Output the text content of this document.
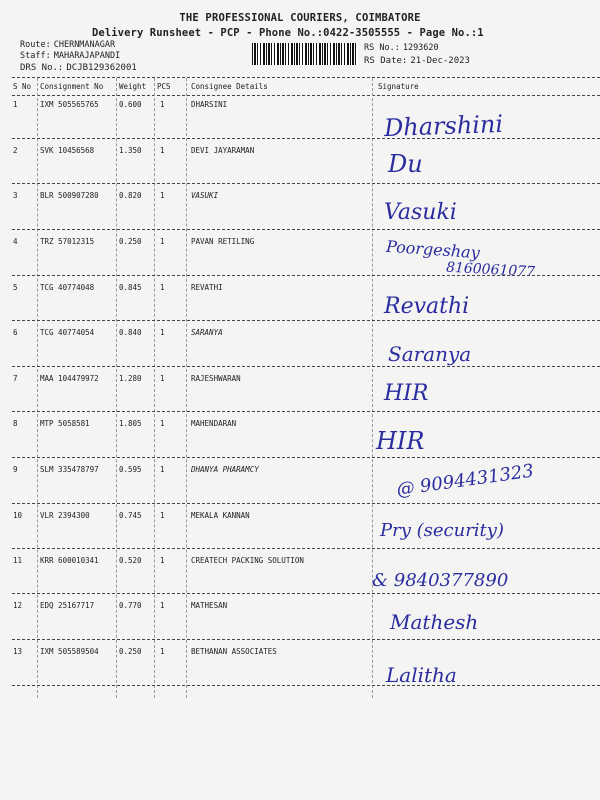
THE PROFESSIONAL COURIERS, COIMBATORE
Delivery Runsheet - PCP - Phone No.:0422-3505555 - Page No.:1
Route: CHERNMANAGAR
Staff: MAHARAJAPANDI
DRS No.: DCJB129362001
RS No.: 1293620
RS Date: 21-Dec-2023
S No Consignment No Weight PCS	Consignee Details	Signature
1	IXM 505565765	0.600 1	DHARSINI
Dharshini
2	SVK 10456568	1.350 1	DEVI JAYARAMAN	Du
3	BLR 500907280	0.820 1	VASUKI
Vasuki
4	TRZ 57012315	0.250 1	PAVAN RETILING	Poorgeshay
8160061077
5	TCG 40774048	0.845 1	REVATHI
Revathi
6	TCG 40774054	0.840 1	SARANYA
Saranya
7	MAA 104479972	1.280 1	RAJESHWARAN
HIR
8	MTP 5058581	1.805 1	MAHENDARAN
HIR
9	SLM 335478797	0.595 1	DHANYA PHARAMCY	@ 9094431323
10 VLR 2394300	0.745 1	MEKALA KANNAN
Pry (security)
11 KRR 600010341	0.520 1	CREATECH PACKING SOLUTION
& 9840377890
12 EDQ 25167717	0.770 1	MATHESAN
Mathesh
13 IXM 505589504	0.250 1	BETHANAN ASSOCIATES
Lalitha
